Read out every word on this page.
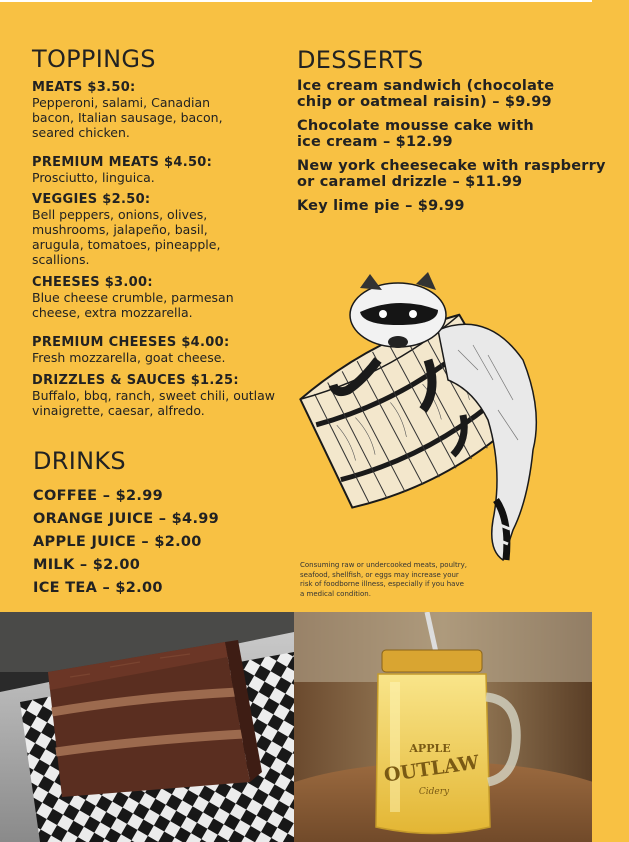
TOPPINGS
MEATS $3.50:
Pepperoni, salami, Canadian
bacon, Italian sausage, bacon,
seared chicken.
PREMIUM MEATS $4.50:
Prosciutto, linguica.
VEGGIES $2.50:
Bell peppers, onions, olives,
mushrooms, jalapeño, basil,
arugula, tomatoes, pineapple,
scallions.
CHEESES $3.00:
Blue cheese crumble, parmesan
cheese, extra mozzarella.
PREMIUM CHEESES $4.00:
Fresh mozzarella, goat cheese.
DRIZZLES & SAUCES $1.25:
Buffalo, bbq, ranch, sweet chili, outlaw
vinaigrette, caesar, alfredo.
DRINKS
COFFEE – $2.99
ORANGE JUICE – $4.99
APPLE JUICE – $2.00
MILK – $2.00
ICE TEA – $2.00
DESSERTS
Ice cream sandwich (chocolate
chip or oatmeal raisin) – $9.99
Chocolate mousse cake with
ice cream – $12.99
New york cheesecake with raspberry
or caramel drizzle – $11.99
Key lime pie – $9.99
Consuming raw or undercooked meats, poultry,
seafood, shellfish, or eggs may increase your
risk of foodborne illness, especially if you have
a medical condition.
APPLE
OUTLAW
Cidery
